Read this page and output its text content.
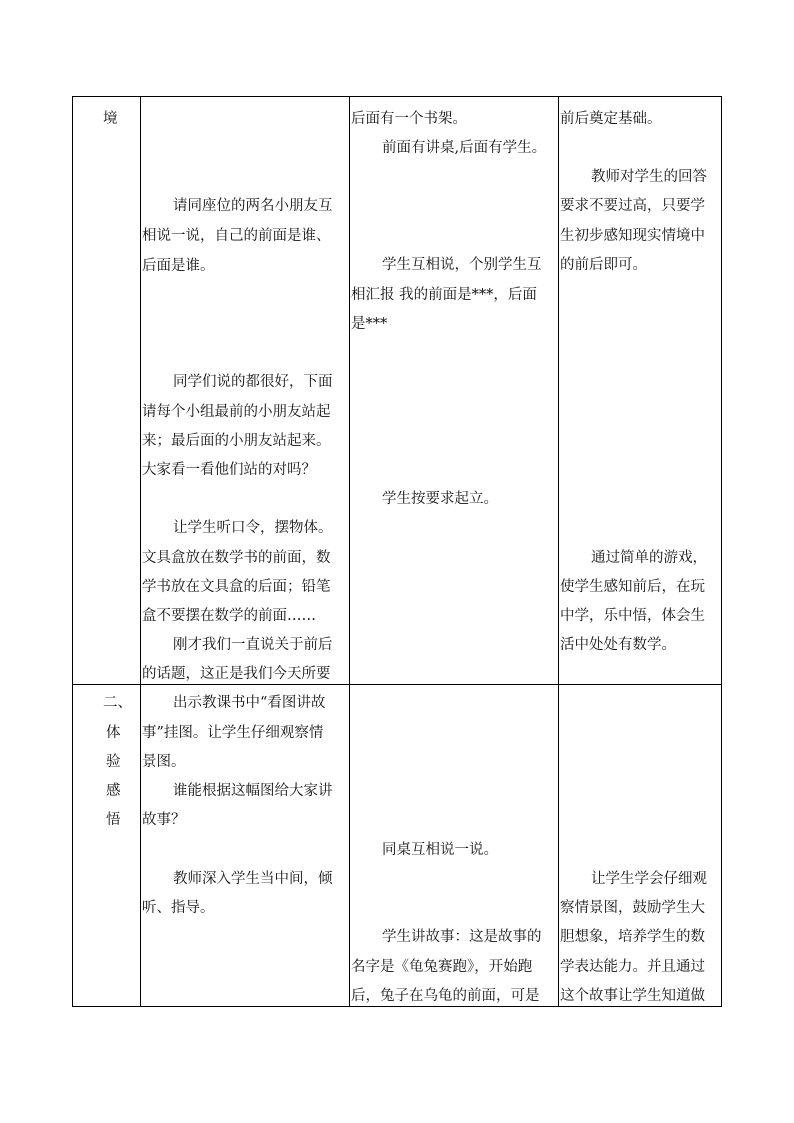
境
请同座位的两名小朋友互
相说一说，自己的前面是谁、
后面是谁。
同学们说的都很好，下面
请每个小组最前的小朋友站起
来；最后面的小朋友站起来。
大家看一看他们站的对吗？
让学生听口令，摆物体。
文具盒放在数学书的前面，数
学书放在文具盒的后面；铅笔
盒不要摆在数学的前面……
刚才我们一直说关于前后
的话题，这正是我们今天所要
后面有一个书架。
前面有讲桌,后面有学生。
学生互相说，个别学生互
相汇报 我的前面是***，后面
是***
学生按要求起立。
前后奠定基础。
教师对学生的回答
要求不要过高，只要学
生初步感知现实情境中
的前后即可。
通过简单的游戏，
使学生感知前后，在玩
中学，乐中悟，体会生
活中处处有数学。
二、
体
验
感
悟
出示教课书中“看图讲故
事”挂图。让学生仔细观察情
景图。
谁能根据这幅图给大家讲
故事？
教师深入学生当中间，倾
听、指导。
同桌互相说一说。
学生讲故事：这是故事的
名字是《龟兔赛跑》，开始跑
后，兔子在乌龟的前面，可是
让学生学会仔细观
察情景图，鼓励学生大
胆想象，培养学生的数
学表达能力。并且通过
这个故事让学生知道做
